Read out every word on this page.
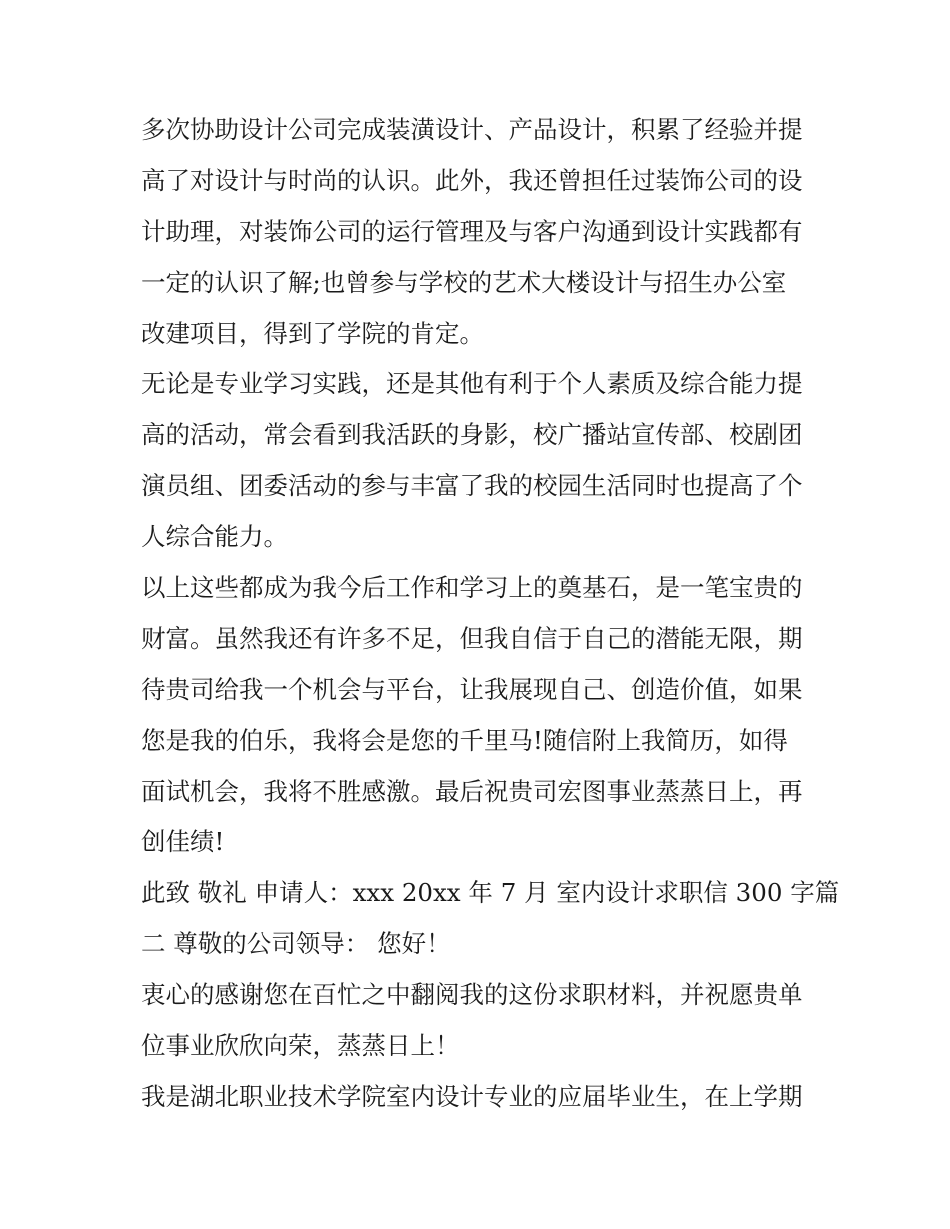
多次协助设计公司完成装潢设计、产品设计，积累了经验并提
高了对设计与时尚的认识。此外，我还曾担任过装饰公司的设
计助理，对装饰公司的运行管理及与客户沟通到设计实践都有
一定的认识了解;也曾参与学校的艺术大楼设计与招生办公室
改建项目，得到了学院的肯定。
无论是专业学习实践，还是其他有利于个人素质及综合能力提
高的活动，常会看到我活跃的身影，校广播站宣传部、校剧团
演员组、团委活动的参与丰富了我的校园生活同时也提高了个
人综合能力。
以上这些都成为我今后工作和学习上的奠基石，是一笔宝贵的
财富。虽然我还有许多不足，但我自信于自己的潜能无限，期
待贵司给我一个机会与平台，让我展现自己、创造价值，如果
您是我的伯乐，我将会是您的千里马!随信附上我简历，如得
面试机会，我将不胜感激。最后祝贵司宏图事业蒸蒸日上，再
创佳绩!
此致 敬礼 申请人：xxx 20xx 年 7 月 室内设计求职信 300 字篇
二 尊敬的公司领导： 您好！
衷心的感谢您在百忙之中翻阅我的这份求职材料，并祝愿贵单
位事业欣欣向荣，蒸蒸日上！
我是湖北职业技术学院室内设计专业的应届毕业生，在上学期
